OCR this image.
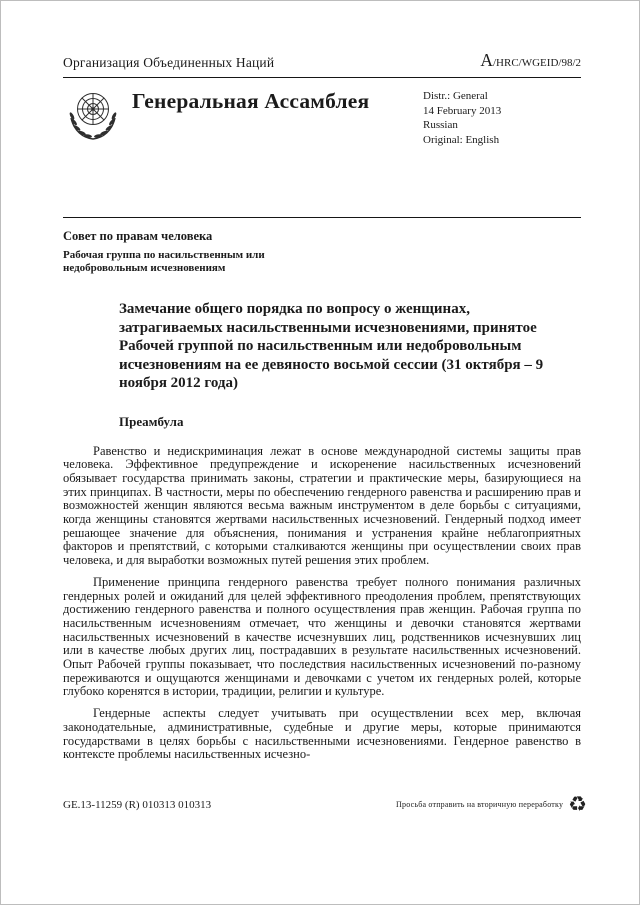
Организация Объединенных Наций	A/HRC/WGEID/98/2
Генеральная Ассамблея	Distr.: General
14 February 2013
Russian
Original: English
Совет по правам человека
Рабочая группа по насильственным или недобровольным исчезновениям
Замечание общего порядка по вопросу о женщинах, затрагиваемых насильственными исчезновениями, принятое Рабочей группой по насильственным или недобровольным исчезновениям на ее девяносто восьмой сессии (31 октября – 9 ноября 2012 года)
Преамбула

Равенство и недискриминация лежат в основе международной системы защиты прав человека. Эффективное предупреждение и искоренение насильственных исчезновений обязывает государства принимать законы, стратегии и практические меры, базирующиеся на этих принципах. В частности, меры по обеспечению гендерного равенства и расширению прав и возможностей женщин являются весьма важным инструментом в деле борьбы с ситуациями, когда женщины становятся жертвами насильственных исчезновений. Гендерный подход имеет решающее значение для объяснения, понимания и устранения крайне неблагоприятных факторов и препятствий, с которыми сталкиваются женщины при осуществлении своих прав человека, и для выработки возможных путей решения этих проблем.

Применение принципа гендерного равенства требует полного понимания различных гендерных ролей и ожиданий для целей эффективного преодоления проблем, препятствующих достижению гендерного равенства и полного осуществления прав женщин. Рабочая группа по насильственным исчезновениям отмечает, что женщины и девочки становятся жертвами насильственных исчезновений в качестве исчезнувших лиц, родственников исчезнувших лиц или в качестве любых других лиц, пострадавших в результате насильственных исчезновений. Опыт Рабочей группы показывает, что последствия насильственных исчезновений по-разному переживаются и ощущаются женщинами и девочками с учетом их гендерных ролей, которые глубоко коренятся в истории, традиции, религии и культуре.

Гендерные аспекты следует учитывать при осуществлении всех мер, включая законодательные, административные, судебные и другие меры, которые принимаются государствами в целях борьбы с насильственными исчезновениями. Гендерное равенство в контексте проблемы насильственных исчезно-

GE.13-11259 (R) 010313 010313	Просьба отправить на вторичную переработку ♻
